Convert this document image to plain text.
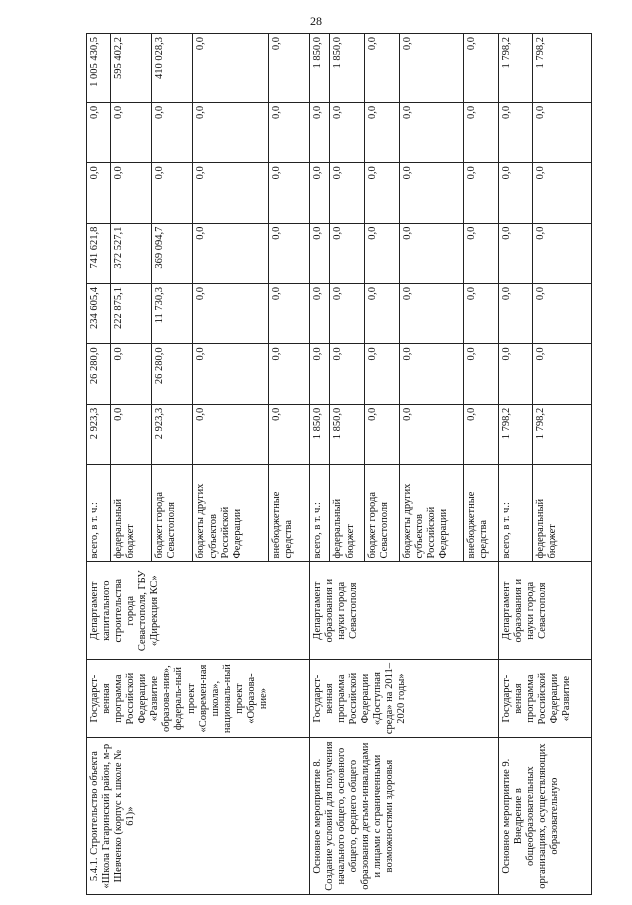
28
5.4.1. Строительство объекта «Школа Гагаринский район, м-р Шевченко (корпус к школе № 61)»	Государст-венная программа Российской Федерации «Развитие образова-ния», федераль-ный проект «Современ-ная школа», националь-ный проект «Образова-ние»	Департамент капитального строительства города Севастополя, ГБУ «Дирекция КС»	всего, в т. ч.:	2 923,3	26 280,0	234 605,4	741 621,8	0,0	0,0	1 005 430,5
			федеральный бюджет	0,0	0,0	222 875,1	372 527,1	0,0	0,0	595 402,2
			бюджет города Севастополя	2 923,3	26 280,0	11 730,3	369 094,7	0,0	0,0	410 028,3
			бюджеты других субъектов Российской Федерации	0,0	0,0	0,0	0,0	0,0	0,0	0,0
			внебюджетные средства	0,0	0,0	0,0	0,0	0,0	0,0	0,0
Основное мероприятие 8. Создание условий для получения начального общего, основного общего, среднего общего образования детьми-инвалидами и лицами с ограниченными возможностями здоровья	Государст-венная программа Российской Федерации «Доступная среда» на 2011–2020 годы»	Департамент образования и науки города Севастополя	всего, в т. ч.:	1 850,0	0,0	0,0	0,0	0,0	0,0	1 850,0
			федеральный бюджет	1 850,0	0,0	0,0	0,0	0,0	0,0	1 850,0
			бюджет города Севастополя	0,0	0,0	0,0	0,0	0,0	0,0	0,0
			бюджеты других субъектов Российской Федерации	0,0	0,0	0,0	0,0	0,0	0,0	0,0
			внебюджетные средства	0,0	0,0	0,0	0,0	0,0	0,0	0,0
Основное мероприятие 9. Внедрение в общеобразовательных организациях, осуществляющих образовательную	Государст-венная программа Российской Федерации «Развитие	Департамент образования и науки города Севастополя	всего, в т. ч.:	1 798,2	0,0	0,0	0,0	0,0	0,0	1 798,2
			федеральный бюджет	1 798,2	0,0	0,0	0,0	0,0	0,0	1 798,2
